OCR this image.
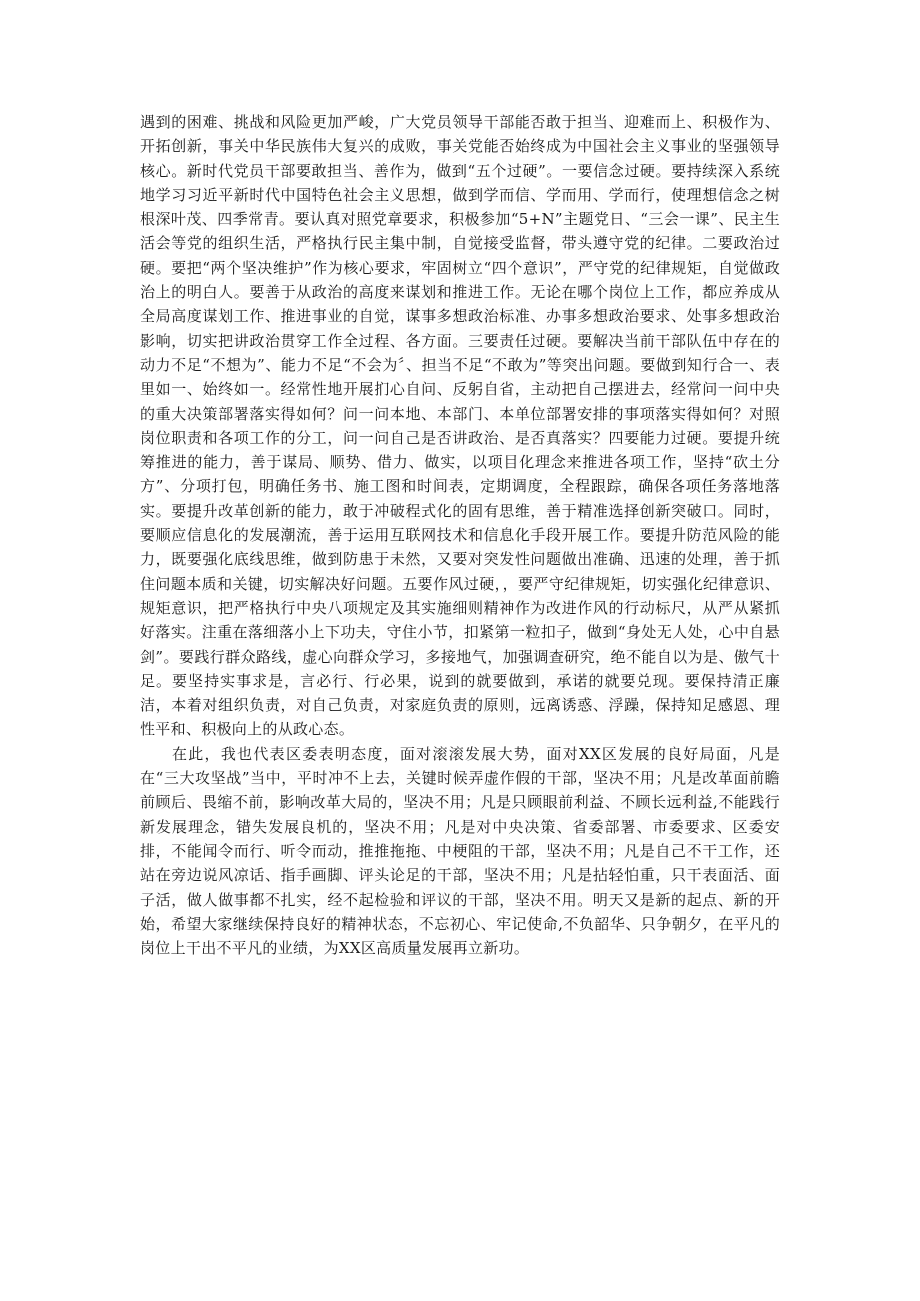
遇到的困难、挑战和风险更加严峻，广大党员领导干部能否敢于担当、迎难而上、积极作为、开拓创新，事关中华民族伟大复兴的成败，事关党能否始终成为中国社会主义事业的坚强领导核心。新时代党员干部要敢担当、善作为，做到“五个过硬”。一要信念过硬。要持续深入系统地学习习近平新时代中国特色社会主义思想，做到学而信、学而用、学而行，使理想信念之树根深叶茂、四季常青。要认真对照党章要求，积极参加“5+N”主题党日、“三会一课”、民主生活会等党的组织生活，严格执行民主集中制，自觉接受监督，带头遵守党的纪律。二要政治过硬。要把“两个坚决维护”作为核心要求，牢固树立“四个意识”，严守党的纪律规矩，自觉做政治上的明白人。要善于从政治的高度来谋划和推进工作。无论在哪个岗位上工作，都应养成从全局高度谋划工作、推进事业的自觉，谋事多想政治标准、办事多想政治要求、处事多想政治影响，切实把讲政治贯穿工作全过程、各方面。三要责任过硬。要解决当前干部队伍中存在的动力不足“不想为”、能力不足“不会为〞、担当不足“不敢为”等突出问题。要做到知行合一、表里如一、始终如一。经常性地开展扪心自问、反躬自省，主动把自己摆进去，经常问一问中央的重大决策部署落实得如何？问一问本地、本部门、本单位部署安排的事项落实得如何？对照岗位职责和各项工作的分工，问一问自己是否讲政治、是否真落实？四要能力过硬。要提升统筹推进的能力，善于谋局、顺势、借力、做实，以项目化理念来推进各项工作，坚持“砍土分方”、分项打包，明确任务书、施工图和时间表，定期调度，全程跟踪，确保各项任务落地落实。要提升改革创新的能力，敢于冲破程式化的固有思维，善于精准选择创新突破口。同时，要顺应信息化的发展潮流，善于运用互联网技术和信息化手段开展工作。要提升防范风险的能力，既要强化底线思维，做到防患于未然，又要对突发性问题做出准确、迅速的处理，善于抓住问题本质和关键，切实解决好问题。五要作风过硬，，要严守纪律规矩，切实强化纪律意识、规矩意识，把严格执行中央八项规定及其实施细则精神作为改进作风的行动标尺，从严从紧抓好落实。注重在落细落小上下功夫，守住小节，扣紧第一粒扣子，做到“身处无人处，心中自悬剑”。要践行群众路线，虚心向群众学习，多接地气，加强调查研究，绝不能自以为是、傲气十足。要坚持实事求是，言必行、行必果，说到的就要做到，承诺的就要兑现。要保持清正廉洁，本着对组织负责，对自己负责，对家庭负责的原则，远离诱惑、浮躁，保持知足感恩、理性平和、积极向上的从政心态。

在此，我也代表区委表明态度，面对滚滚发展大势，面对XX区发展的良好局面，凡是在“三大攻坚战”当中，平时冲不上去，关键时候弄虚作假的干部，坚决不用；凡是改革面前瞻前顾后、畏缩不前，影响改革大局的，坚决不用；凡是只顾眼前利益、不顾长远利益,不能践行新发展理念，错失发展良机的，坚决不用；凡是对中央决策、省委部署、市委要求、区委安排，不能闻令而行、听令而动，推推拖拖、中梗阻的干部，坚决不用；凡是自己不干工作，还站在旁边说风凉话、指手画脚、评头论足的干部，坚决不用；凡是拈轻怕重，只干表面活、面子活，做人做事都不扎实，经不起检验和评议的干部，坚决不用。明天又是新的起点、新的开始，希望大家继续保持良好的精神状态，不忘初心、牢记使命,不负韶华、只争朝夕，在平凡的岗位上干出不平凡的业绩，为XX区高质量发展再立新功。
